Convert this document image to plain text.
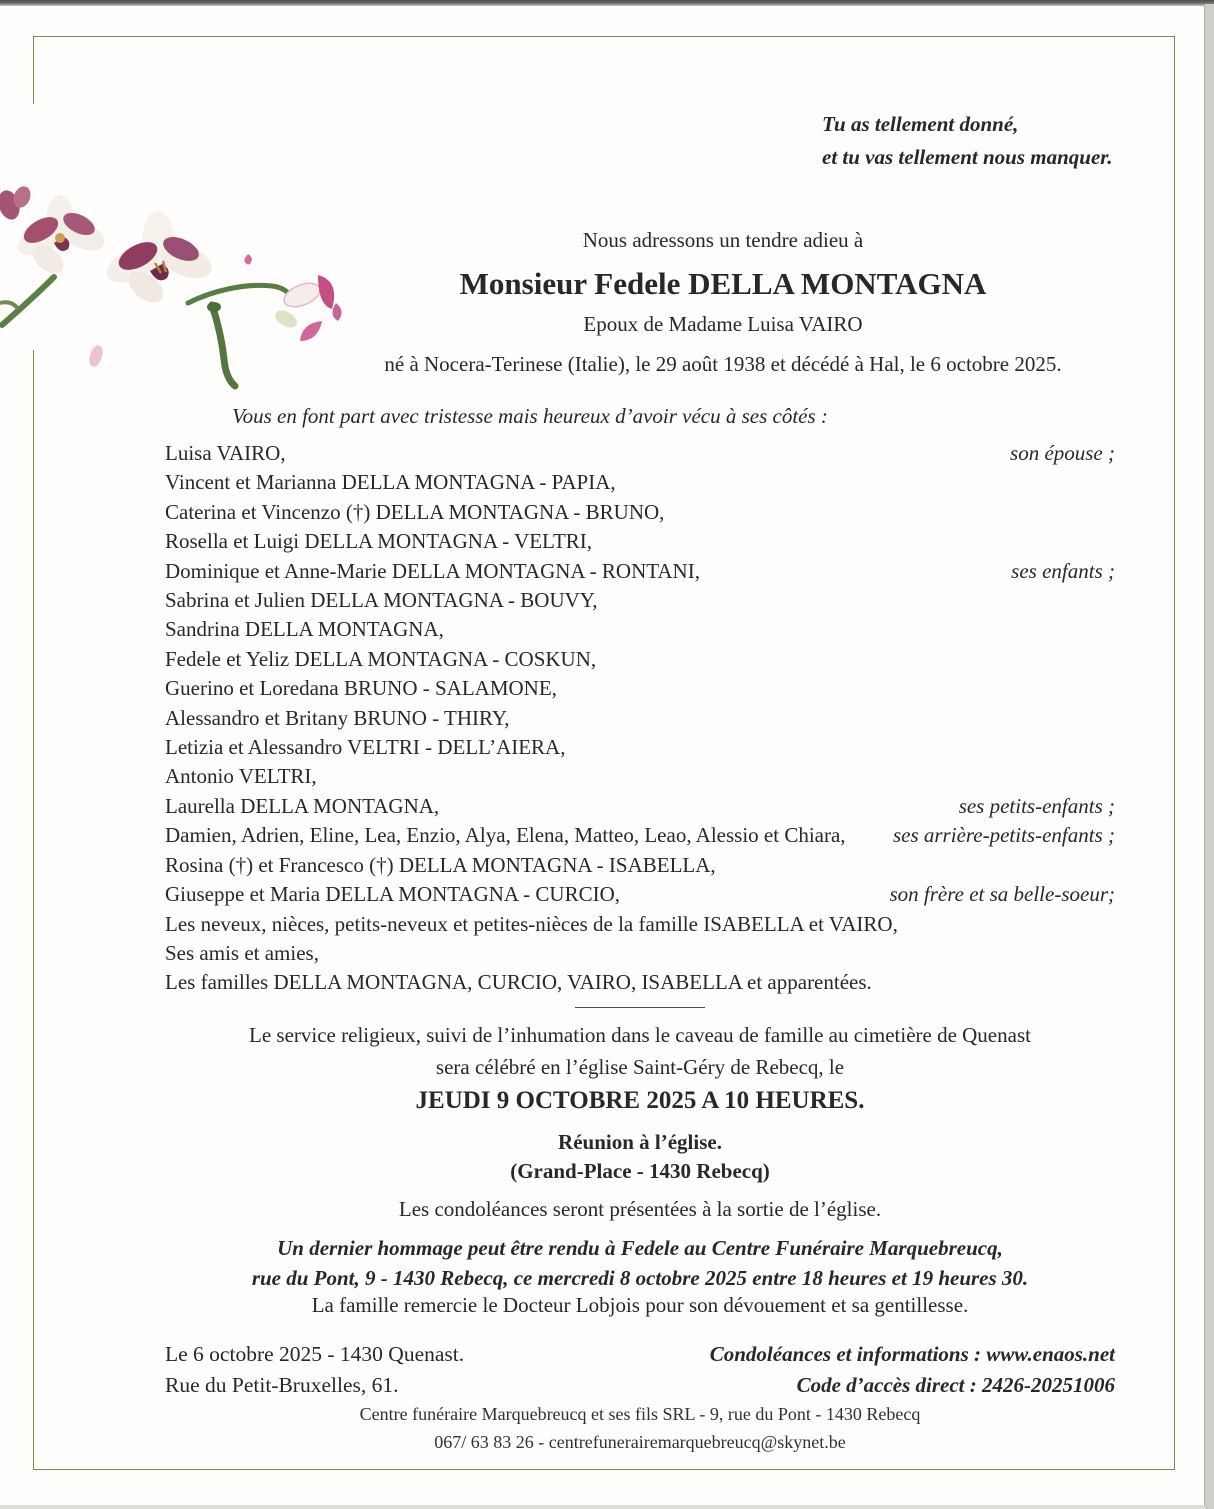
Tu as tellement donné,
et tu vas tellement nous manquer.
Nous adressons un tendre adieu à
Monsieur Fedele DELLA MONTAGNA
Epoux de Madame Luisa VAIRO
né à Nocera-Terinese (Italie), le 29 août 1938 et décédé à Hal, le 6 octobre 2025.
Vous en font part avec tristesse mais heureux d’avoir vécu à ses côtés :
Luisa VAIRO,	son épouse ;
Vincent et Marianna DELLA MONTAGNA - PAPIA,
Caterina et Vincenzo (†) DELLA MONTAGNA - BRUNO,
Rosella et Luigi DELLA MONTAGNA - VELTRI,
Dominique et Anne-Marie DELLA MONTAGNA - RONTANI,	ses enfants ;
Sabrina et Julien DELLA MONTAGNA - BOUVY,
Sandrina DELLA MONTAGNA,
Fedele et Yeliz DELLA MONTAGNA - COSKUN,
Guerino et Loredana BRUNO - SALAMONE,
Alessandro et Britany BRUNO - THIRY,
Letizia et Alessandro VELTRI - DELL’AIERA,
Antonio VELTRI,
Laurella DELLA MONTAGNA,	ses petits-enfants ;
Damien, Adrien, Eline, Lea, Enzio, Alya, Elena, Matteo, Leao, Alessio et Chiara,	ses arrière-petits-enfants ;
Rosina (†) et Francesco (†) DELLA MONTAGNA - ISABELLA,
Giuseppe et Maria DELLA MONTAGNA - CURCIO,	son frère et sa belle-soeur;
Les neveux, nièces, petits-neveux et petites-nièces de la famille ISABELLA et VAIRO,
Ses amis et amies,
Les familles DELLA MONTAGNA, CURCIO, VAIRO, ISABELLA et apparentées.
Le service religieux, suivi de l’inhumation dans le caveau de famille au cimetière de Quenast
sera célébré en l’église Saint-Géry de Rebecq, le
JEUDI 9 OCTOBRE 2025 A 10 HEURES.
Réunion à l’église.
(Grand-Place - 1430 Rebecq)
Les condoléances seront présentées à la sortie de l’église.
Un dernier hommage peut être rendu à Fedele au Centre Funéraire Marquebreucq,
rue du Pont, 9 - 1430 Rebecq, ce mercredi 8 octobre 2025 entre 18 heures et 19 heures 30.
La famille remercie le Docteur Lobjois pour son dévouement et sa gentillesse.
Le 6 octobre 2025 - 1430 Quenast.
Rue du Petit-Bruxelles, 61.
Condoléances et informations : www.enaos.net
Code d’accès direct : 2426-20251006
Centre funéraire Marquebreucq et ses fils SRL - 9, rue du Pont - 1430 Rebecq
067/ 63 83 26 - centrefunerairemarquebreucq@skynet.be
